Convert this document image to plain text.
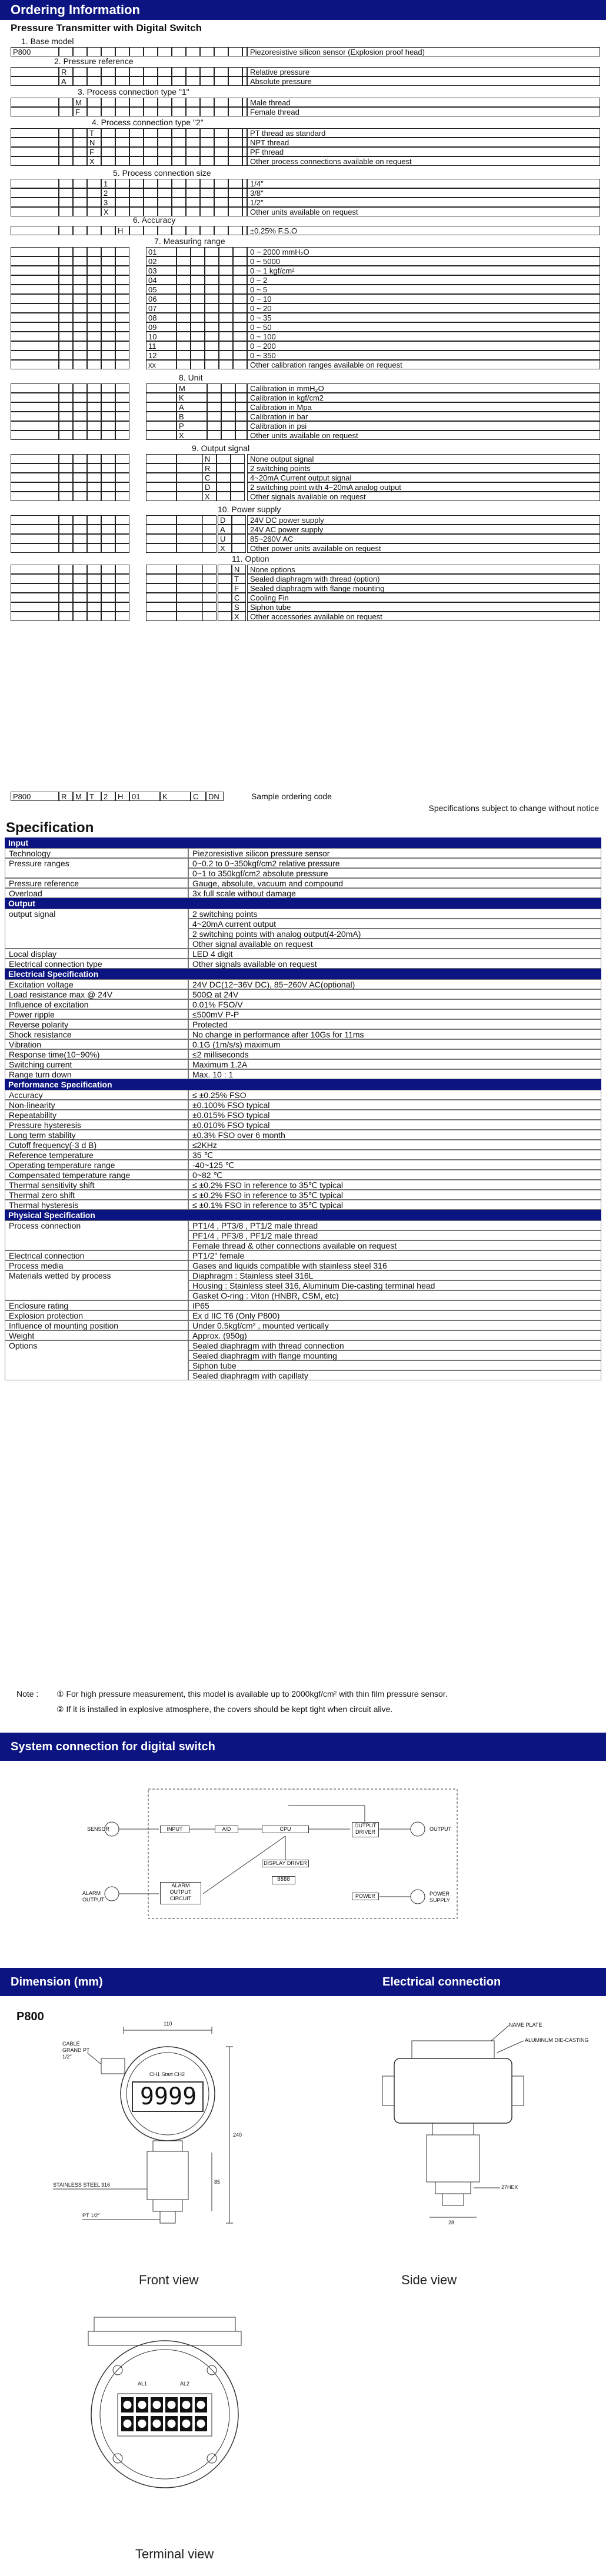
Ordering Information
Pressure Transmitter with Digital Switch
1. Base model
P800	Piezoresistive silicon sensor (Explosion proof head)
2. Pressure reference
R	Relative pressure
A	Absolute pressure
3. Process connection type "1"
M	Male thread
F	Female thread
4. Process connection type "2"
T	PT thread as standard
N	NPT thread
F	PF thread
X	Other process connections available on request
5. Process connection size
1	1/4"
2	3/8"
3	1/2"
X	Other units available on request
6. Accuracy
H	±0.25% F.S.O
7. Measuring range
01	0 ~ 2000 mmH₂O
02	0 ~ 5000
03	0 ~ 1 kgf/cm²
04	0 ~ 2
05	0 ~ 5
06	0 ~ 10
07	0 ~ 20
08	0 ~ 35
09	0 ~ 50
10	0 ~ 100
11	0 ~ 200
12	0 ~ 350
xx	Other calibration ranges available on request
8. Unit
M	Calibration in mmH₂O
K	Calibration in kgf/cm2
A	Calibration in Mpa
B	Calibration in bar
P	Calibration in psi
X	Other units available on request
9. Output signal
N	None output signal
R	2 switching points
C	4~20mA Current output signal
D	2 switching point with 4~20mA analog output
X	Other signals available on request
10. Power supply
D	24V DC power supply
A	24V AC power supply
U	85~260V AC
X	Other power units available on request
11. Option
N	None options
T	Sealed diaphragm with thread (option)
F	Sealed diaphragm with flange mounting
C	Cooling Fin
S	Siphon tube
X	Other accessories available on request
P800	R	M	T	2	H	01	K	C	DN	Sample ordering code
Specifications subject to change without notice
Specification
Input
Technology	Piezoresistive silicon pressure sensor
Pressure ranges	0~0.2 to 0~350kgf/cm2 relative pressure
0~1 to 350kgf/cm2 absolute pressure
Pressure reference	Gauge, absolute, vacuum and compound
Overload	3x full scale without damage
Output
output signal	2 switching points
4~20mA current output
2 switching points with analog output(4-20mA)
Other signal available on request
Local display	LED 4 digit
Electrical connection type	Other signals available on request
Electrical Specification
Excitation voltage	24V DC(12~36V DC), 85~260V AC(optional)
Load resistance max @ 24V	500Ω at 24V
Influence of excitation	0.01% FSO/V
Power ripple	≤500mV P-P
Reverse polarity	Protected
Shock resistance	No change in performance after 10Gs for 11ms
Vibration	0.1G (1m/s/s) maximum
Response time(10~90%)	≤2 milliseconds
Switching current	Maximum 1.2A
Range turn down	Max. 10 : 1
Performance Specification
Accuracy	≤ ±0.25% FSO
Non-linearity	±0.100% FSO typical
Repeatability	±0.015% FSO typical
Pressure hysteresis	±0.010% FSO typical
Long term stability	±0.3% FSO over 6 month
Cutoff frequency(-3 d B)	≤2KHz
Reference temperature	35 ℃
Operating temperature range	-40~125 ℃
Compensated temperature range	0~82 ℃
Thermal sensitivity shift	≤ ±0.2% FSO in reference to 35℃ typical
Thermal zero shift	≤ ±0.2% FSO in reference to 35℃ typical
Thermal hysteresis	≤ ±0.1% FSO in reference to 35℃ typical
Physical Specification
Process connection	PT1/4 , PT3/8 , PT1/2 male thread
PF1/4 , PF3/8 , PF1/2 male thread
Female thread & other connections available on request
Electrical connection	PT1/2" female
Process media	Gases and liquids compatible with stainless steel 316
Materials wetted by process	Diaphragm : Stainless steel 316L
Housing : Stainless steel 316, Aluminum Die-casting terminal head
Gasket O-ring : Viton (HNBR, CSM, etc)
Enclosure rating	IP65
Explosion protection	Ex d IIC T6 (Only P800)
Influence of mounting position	Under 0.5kgf/cm² , mounted vertically
Weight	Approx. (950g)
Options	Sealed diaphragm with thread connection
Sealed diaphragm with flange mounting
Siphon tube
Sealed diaphragm with capillaty
Note : ① For high pressure measurement, this model is available up to 2000kgf/cm² with thin film pressure sensor.
② If it is installed in explosive atmosphere, the covers should be kept tight when circuit alive.
System connection for digital switch
SENSOR	INPUT	A/D	CPU
OUTPUT DRIVER	OUTPUT
DISPLAY DRIVER
8888
ALARM OUTPUT CIRCUIT
ALARM OUTPUT
POWER	POWER SUPPLY
Dimension (mm)	Electrical connection
P800
110
240
85
CABLE GRAND PT 1/2"
CH1 Start CH2
9999
STAINLESS STEEL 316
PT 1/2"
Front view
NAME PLATE
ALUMINUM DIE-CASTING
27HEX
28
Side view
AL1	AL2
Terminal view
